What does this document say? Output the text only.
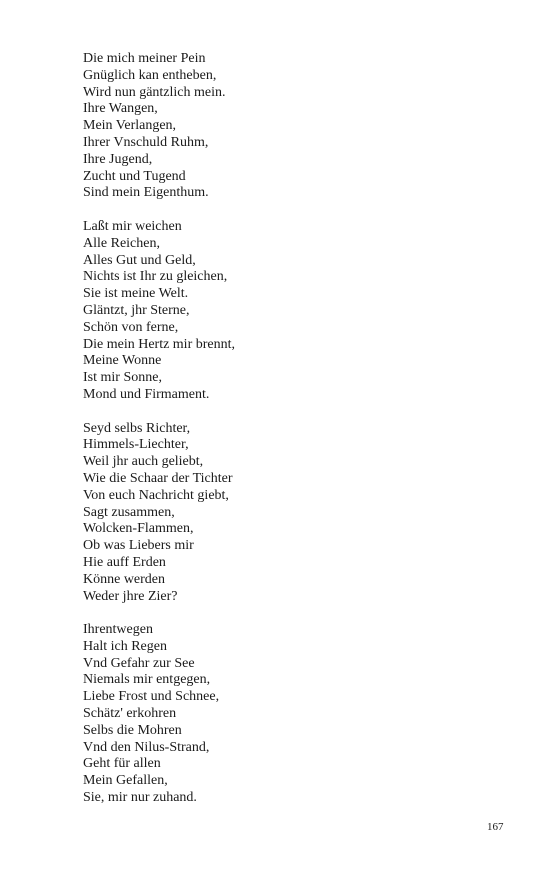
Die mich meiner Pein
Gnüglich kan entheben,
Wird nun gäntzlich mein.
Ihre Wangen,
Mein Verlangen,
Ihrer Vnschuld Ruhm,
Ihre Jugend,
Zucht und Tugend
Sind mein Eigenthum.
Laßt mir weichen
Alle Reichen,
Alles Gut und Geld,
Nichts ist Ihr zu gleichen,
Sie ist meine Welt.
Gläntzt, jhr Sterne,
Schön von ferne,
Die mein Hertz mir brennt,
Meine Wonne
Ist mir Sonne,
Mond und Firmament.
Seyd selbs Richter,
Himmels-Liechter,
Weil jhr auch geliebt,
Wie die Schaar der Tichter
Von euch Nachricht giebt,
Sagt zusammen,
Wolcken-Flammen,
Ob was Liebers mir
Hie auff Erden
Könne werden
Weder jhre Zier?
Ihrentwegen
Halt ich Regen
Vnd Gefahr zur See
Niemals mir entgegen,
Liebe Frost und Schnee,
Schätz' erkohren
Selbs die Mohren
Vnd den Nilus-Strand,
Geht für allen
Mein Gefallen,
Sie, mir nur zuhand.
167
